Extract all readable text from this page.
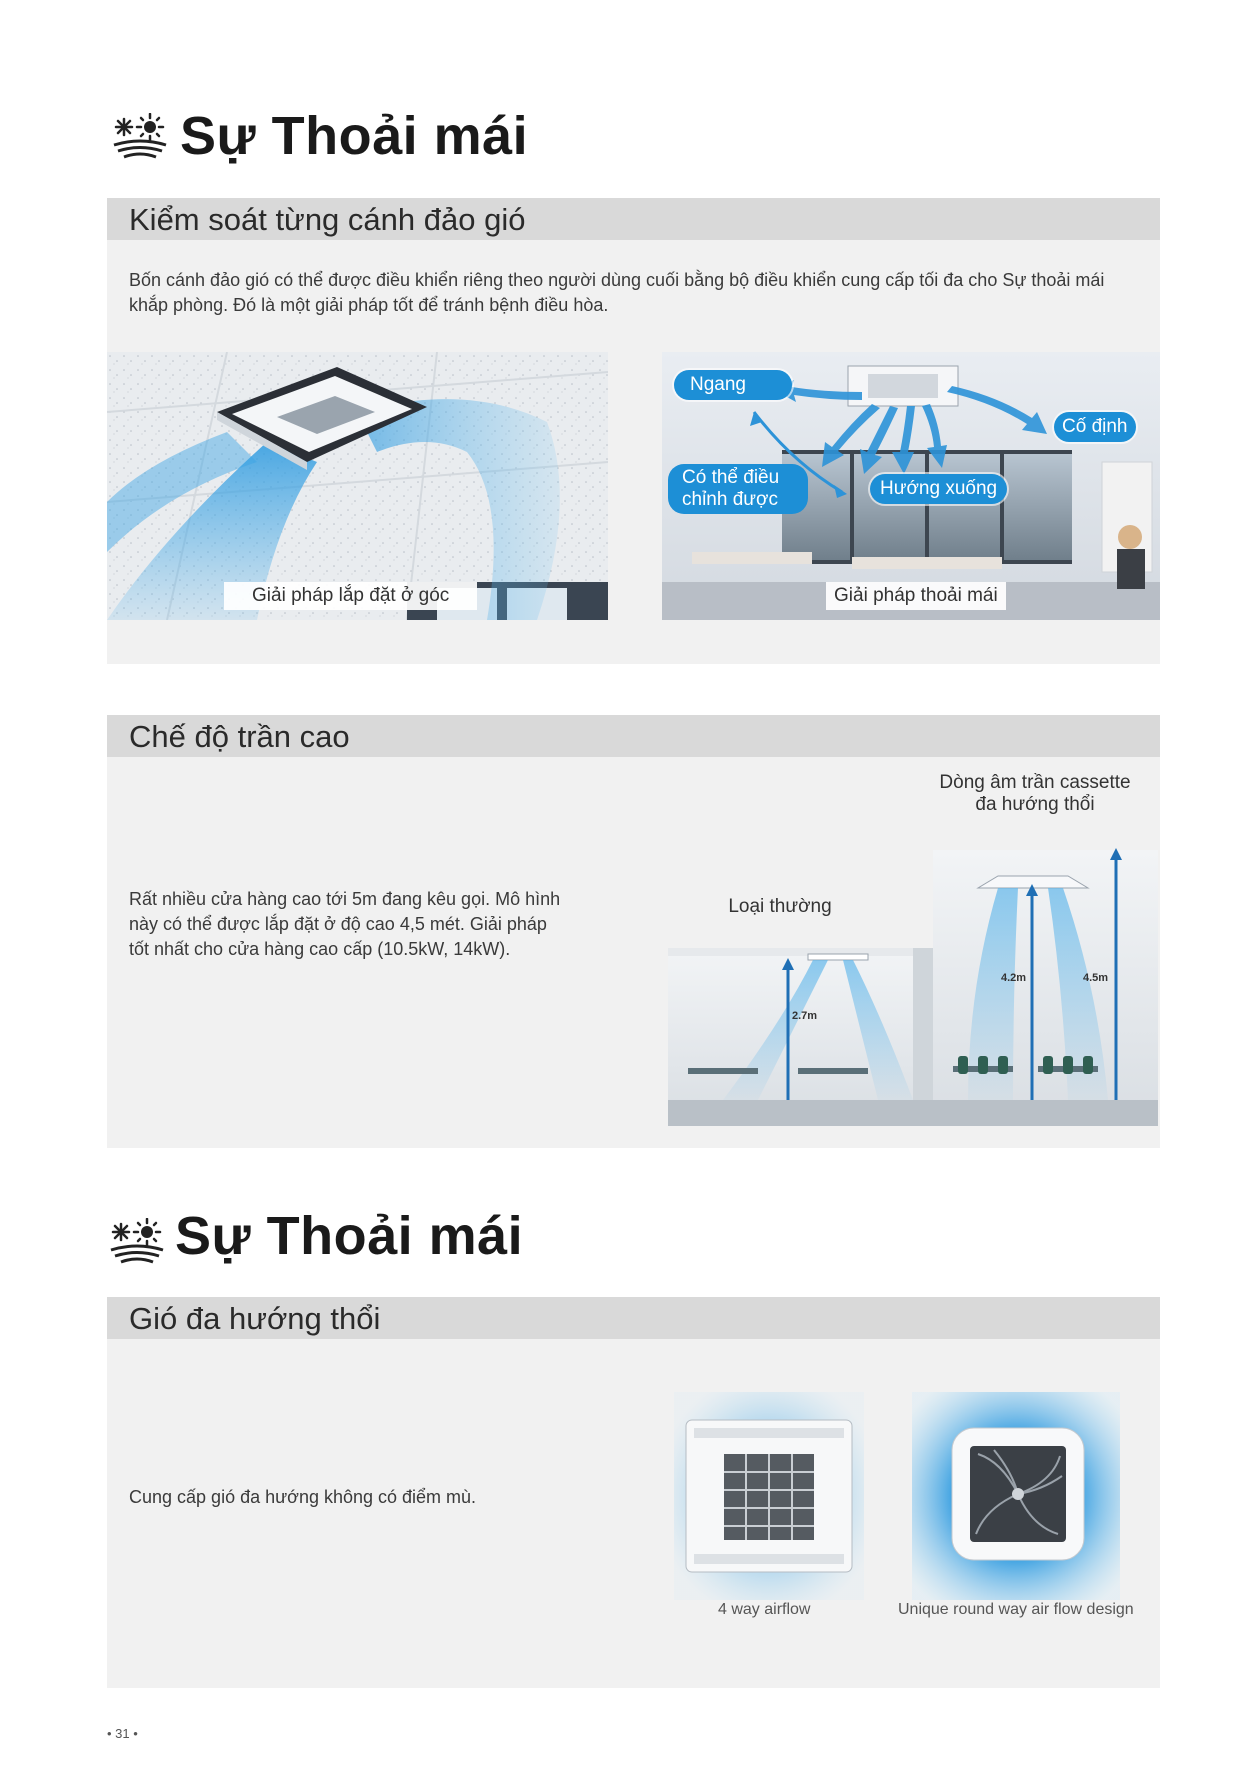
Sự Thoải mái
Kiểm soát từng cánh đảo gió
Bốn cánh đảo gió có thể được điều khiển riêng theo người dùng cuối bằng bộ điều khiển cung cấp tối đa cho Sự thoải mái
khắp phòng. Đó là một giải pháp tốt để tránh bệnh điều hòa.
Giải pháp lắp đặt ở góc
Ngang
Cố định
Hướng xuống
Có thể điều
chỉnh được
Giải pháp thoải mái
Chế độ trần cao
Rất nhiều cửa hàng cao tới 5m đang kêu gọi. Mô hình
này có thể được lắp đặt ở độ cao 4,5 mét. Giải pháp
tốt nhất cho cửa hàng cao cấp (10.5kW, 14kW).
2.7m
4.2m	4.5m
Loại thường
Dòng âm trần cassette
đa hướng thổi
Sự Thoải mái
Gió đa hướng thổi
Cung cấp gió đa hướng không có điểm mù.
4 way airflow	Unique round way air flow design
• 31 •
